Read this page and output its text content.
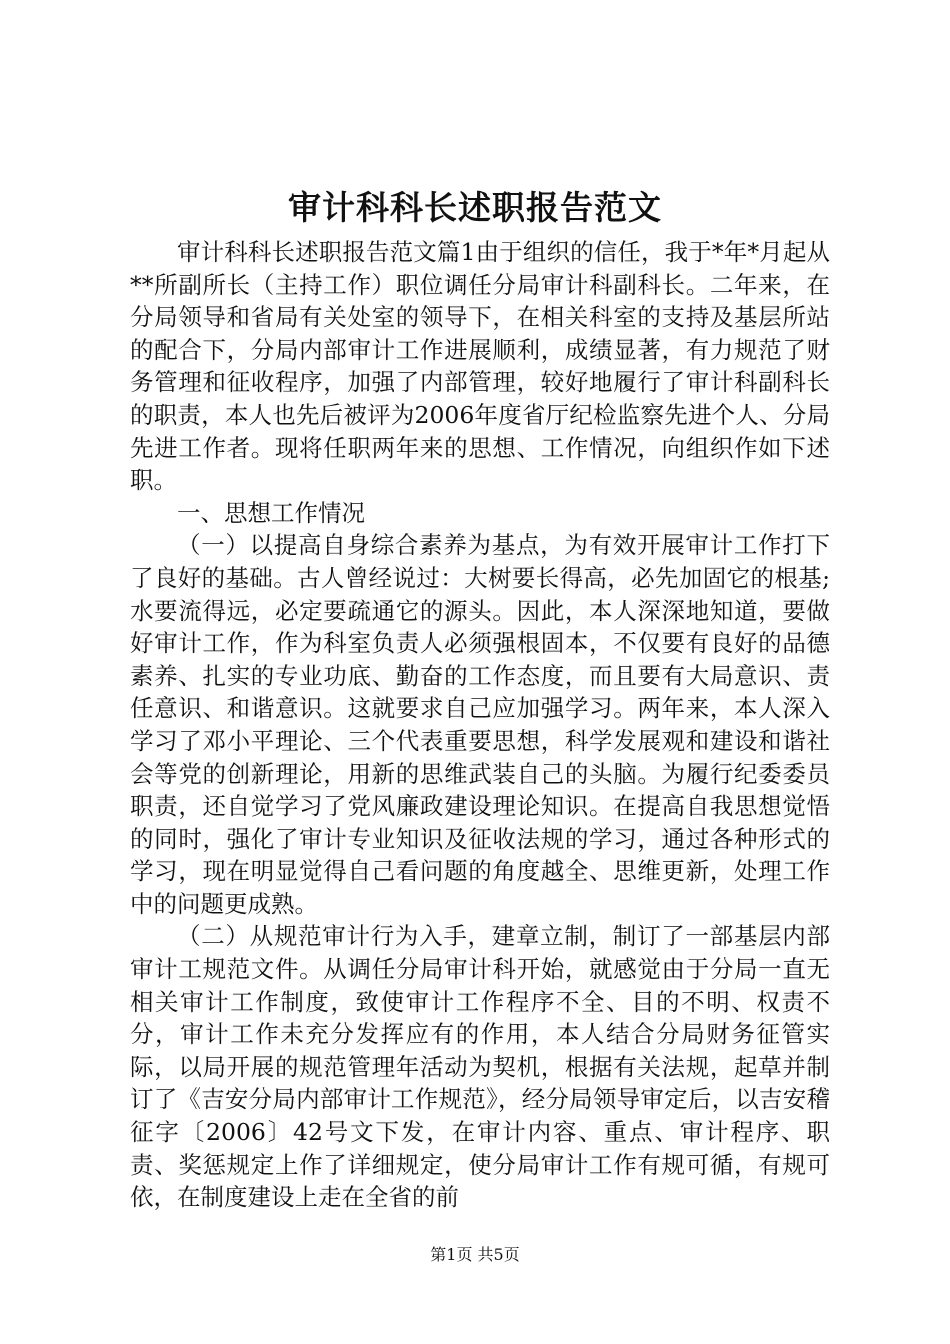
审计科科长述职报告范文

审计科科长述职报告范文篇1由于组织的信任，我于*年*月起从**所副所长（主持工作）职位调任分局审计科副科长。二年来，在分局领导和省局有关处室的领导下，在相关科室的支持及基层所站的配合下，分局内部审计工作进展顺利，成绩显著，有力规范了财务管理和征收程序，加强了内部管理，较好地履行了审计科副科长的职责，本人也先后被评为2006年度省厅纪检监察先进个人、分局先进工作者。现将任职两年来的思想、工作情况，向组织作如下述职。

一、思想工作情况

（一）以提高自身综合素养为基点，为有效开展审计工作打下了良好的基础。古人曾经说过：大树要长得高，必先加固它的根基;水要流得远，必定要疏通它的源头。因此，本人深深地知道，要做好审计工作，作为科室负责人必须强根固本，不仅要有良好的品德素养、扎实的专业功底、勤奋的工作态度，而且要有大局意识、责任意识、和谐意识。这就要求自己应加强学习。两年来，本人深入学习了邓小平理论、三个代表重要思想，科学发展观和建设和谐社会等党的创新理论，用新的思维武装自己的头脑。为履行纪委委员职责，还自觉学习了党风廉政建设理论知识。在提高自我思想觉悟的同时，强化了审计专业知识及征收法规的学习，通过各种形式的学习，现在明显觉得自己看问题的角度越全、思维更新，处理工作中的问题更成熟。

（二）从规范审计行为入手，建章立制，制订了一部基层内部审计工规范文件。从调任分局审计科开始，就感觉由于分局一直无相关审计工作制度，致使审计工作程序不全、目的不明、权责不分，审计工作未充分发挥应有的作用，本人结合分局财务征管实际，以局开展的规范管理年活动为契机，根据有关法规，起草并制订了《吉安分局内部审计工作规范》，经分局领导审定后，以吉安稽征字〔2006〕42号文下发，在审计内容、重点、审计程序、职责、奖惩规定上作了详细规定，使分局审计工作有规可循，有规可依，在制度建设上走在全省的前

第1页 共5页
